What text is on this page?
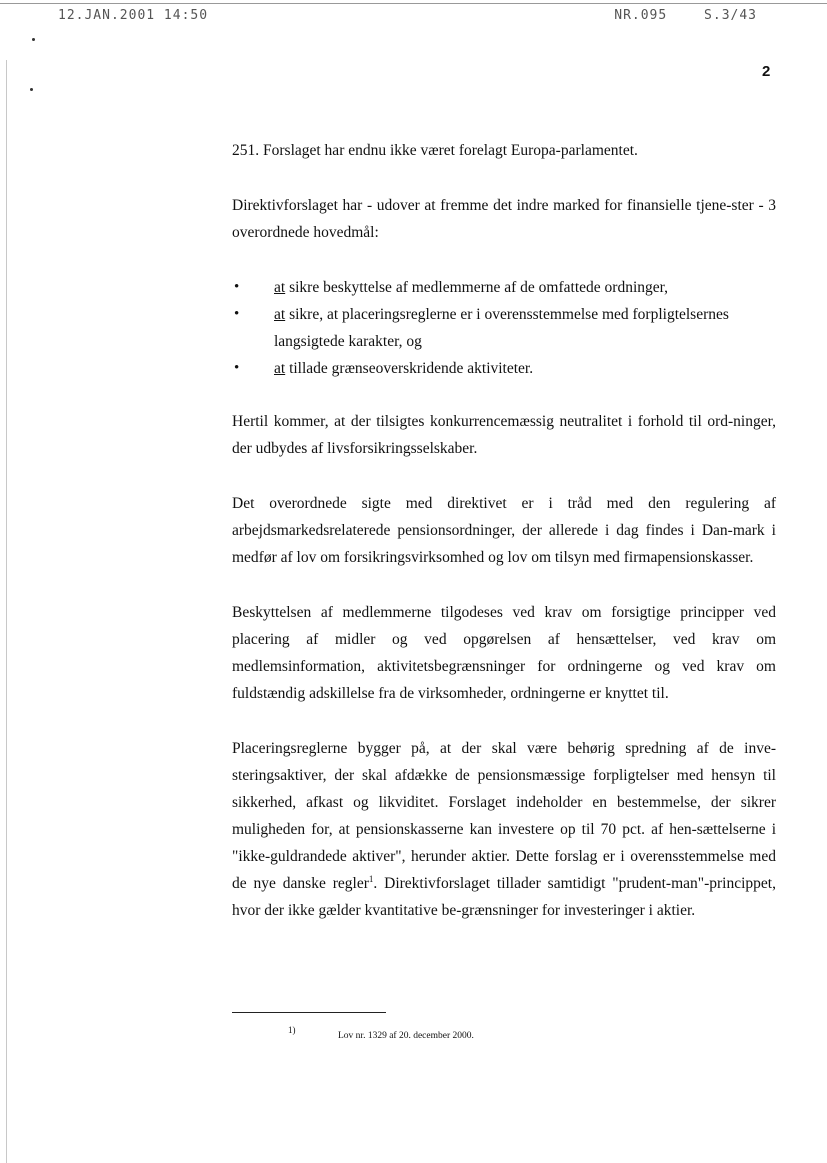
12.JAN.2001 14:50	NR.095 S.3/43
2

251. Forslaget har endnu ikke været forelagt Europa-parlamentet.

Direktivforslaget har - udover at fremme det indre marked for finansielle tjene-ster - 3 overordnede hovedmål:

• at sikre beskyttelse af medlemmerne af de omfattede ordninger,
• at sikre, at placeringsreglerne er i overensstemmelse med forpligtelsernes langsigtede karakter, og
• at tillade grænseoverskridende aktiviteter.

Hertil kommer, at der tilsigtes konkurrencemæssig neutralitet i forhold til ord-ninger, der udbydes af livsforsikringsselskaber.

Det overordnede sigte med direktivet er i tråd med den regulering af arbejdsmarkedsrelaterede pensionsordninger, der allerede i dag findes i Dan-mark i medfør af lov om forsikringsvirksomhed og lov om tilsyn med firmapensionskasser.

Beskyttelsen af medlemmerne tilgodeses ved krav om forsigtige principper ved placering af midler og ved opgørelsen af hensættelser, ved krav om medlemsinformation, aktivitetsbegrænsninger for ordningerne og ved krav om fuldstændig adskillelse fra de virksomheder, ordningerne er knyttet til.

Placeringsreglerne bygger på, at der skal være behørig spredning af de inve-steringsaktiver, der skal afdække de pensionsmæssige forpligtelser med hensyn til sikkerhed, afkast og likviditet. Forslaget indeholder en bestemmelse, der sikrer muligheden for, at pensionskasserne kan investere op til 70 pct. af hen-sættelserne i "ikke-guldrandede aktiver", herunder aktier. Dette forslag er i overensstemmelse med de nye danske regler$^1$. Direktivforslaget tillader samtidigt "prudent-man"-princippet, hvor der ikke gælder kvantitative be-grænsninger for investeringer i aktier.

1)
Lov nr. 1329 af 20. december 2000.
